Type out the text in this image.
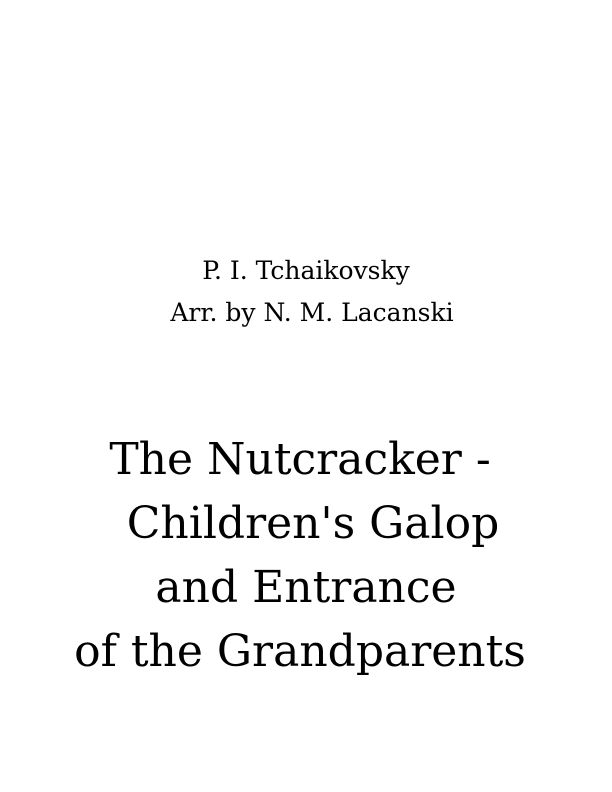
P. I. Tchaikovsky
Arr. by N. M. Lacanski
The Nutcracker -
Children's Galop
and Entrance
of the Grandparents
